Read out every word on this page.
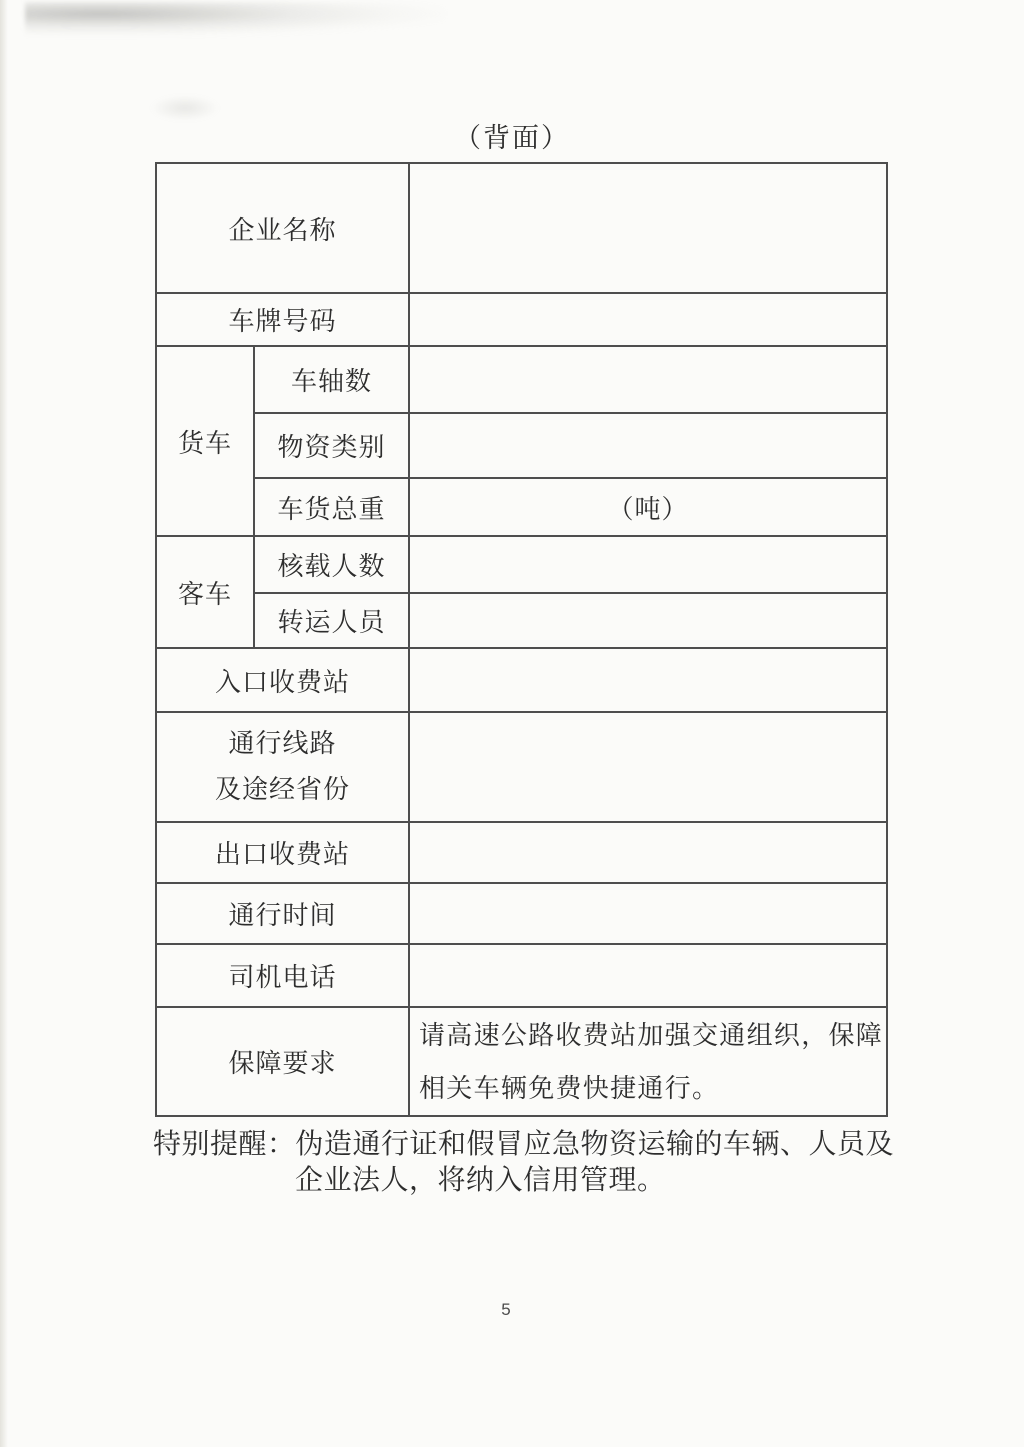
（背面）
企业名称		
车牌号码		
货车	车轴数	
	物资类别	
	车货总重	（吨）
客车	核载人数	
	转运人员	
入口收费站		

通行线路
及途经省份		

出口收费站		
通行时间		
司机电话		
保障要求		请高速公路收费站加强交通组织，保障
相关车辆免费快捷通行。
特别提醒：伪造通行证和假冒应急物资运输的车辆、人员及
企业法人，将纳入信用管理。
5
